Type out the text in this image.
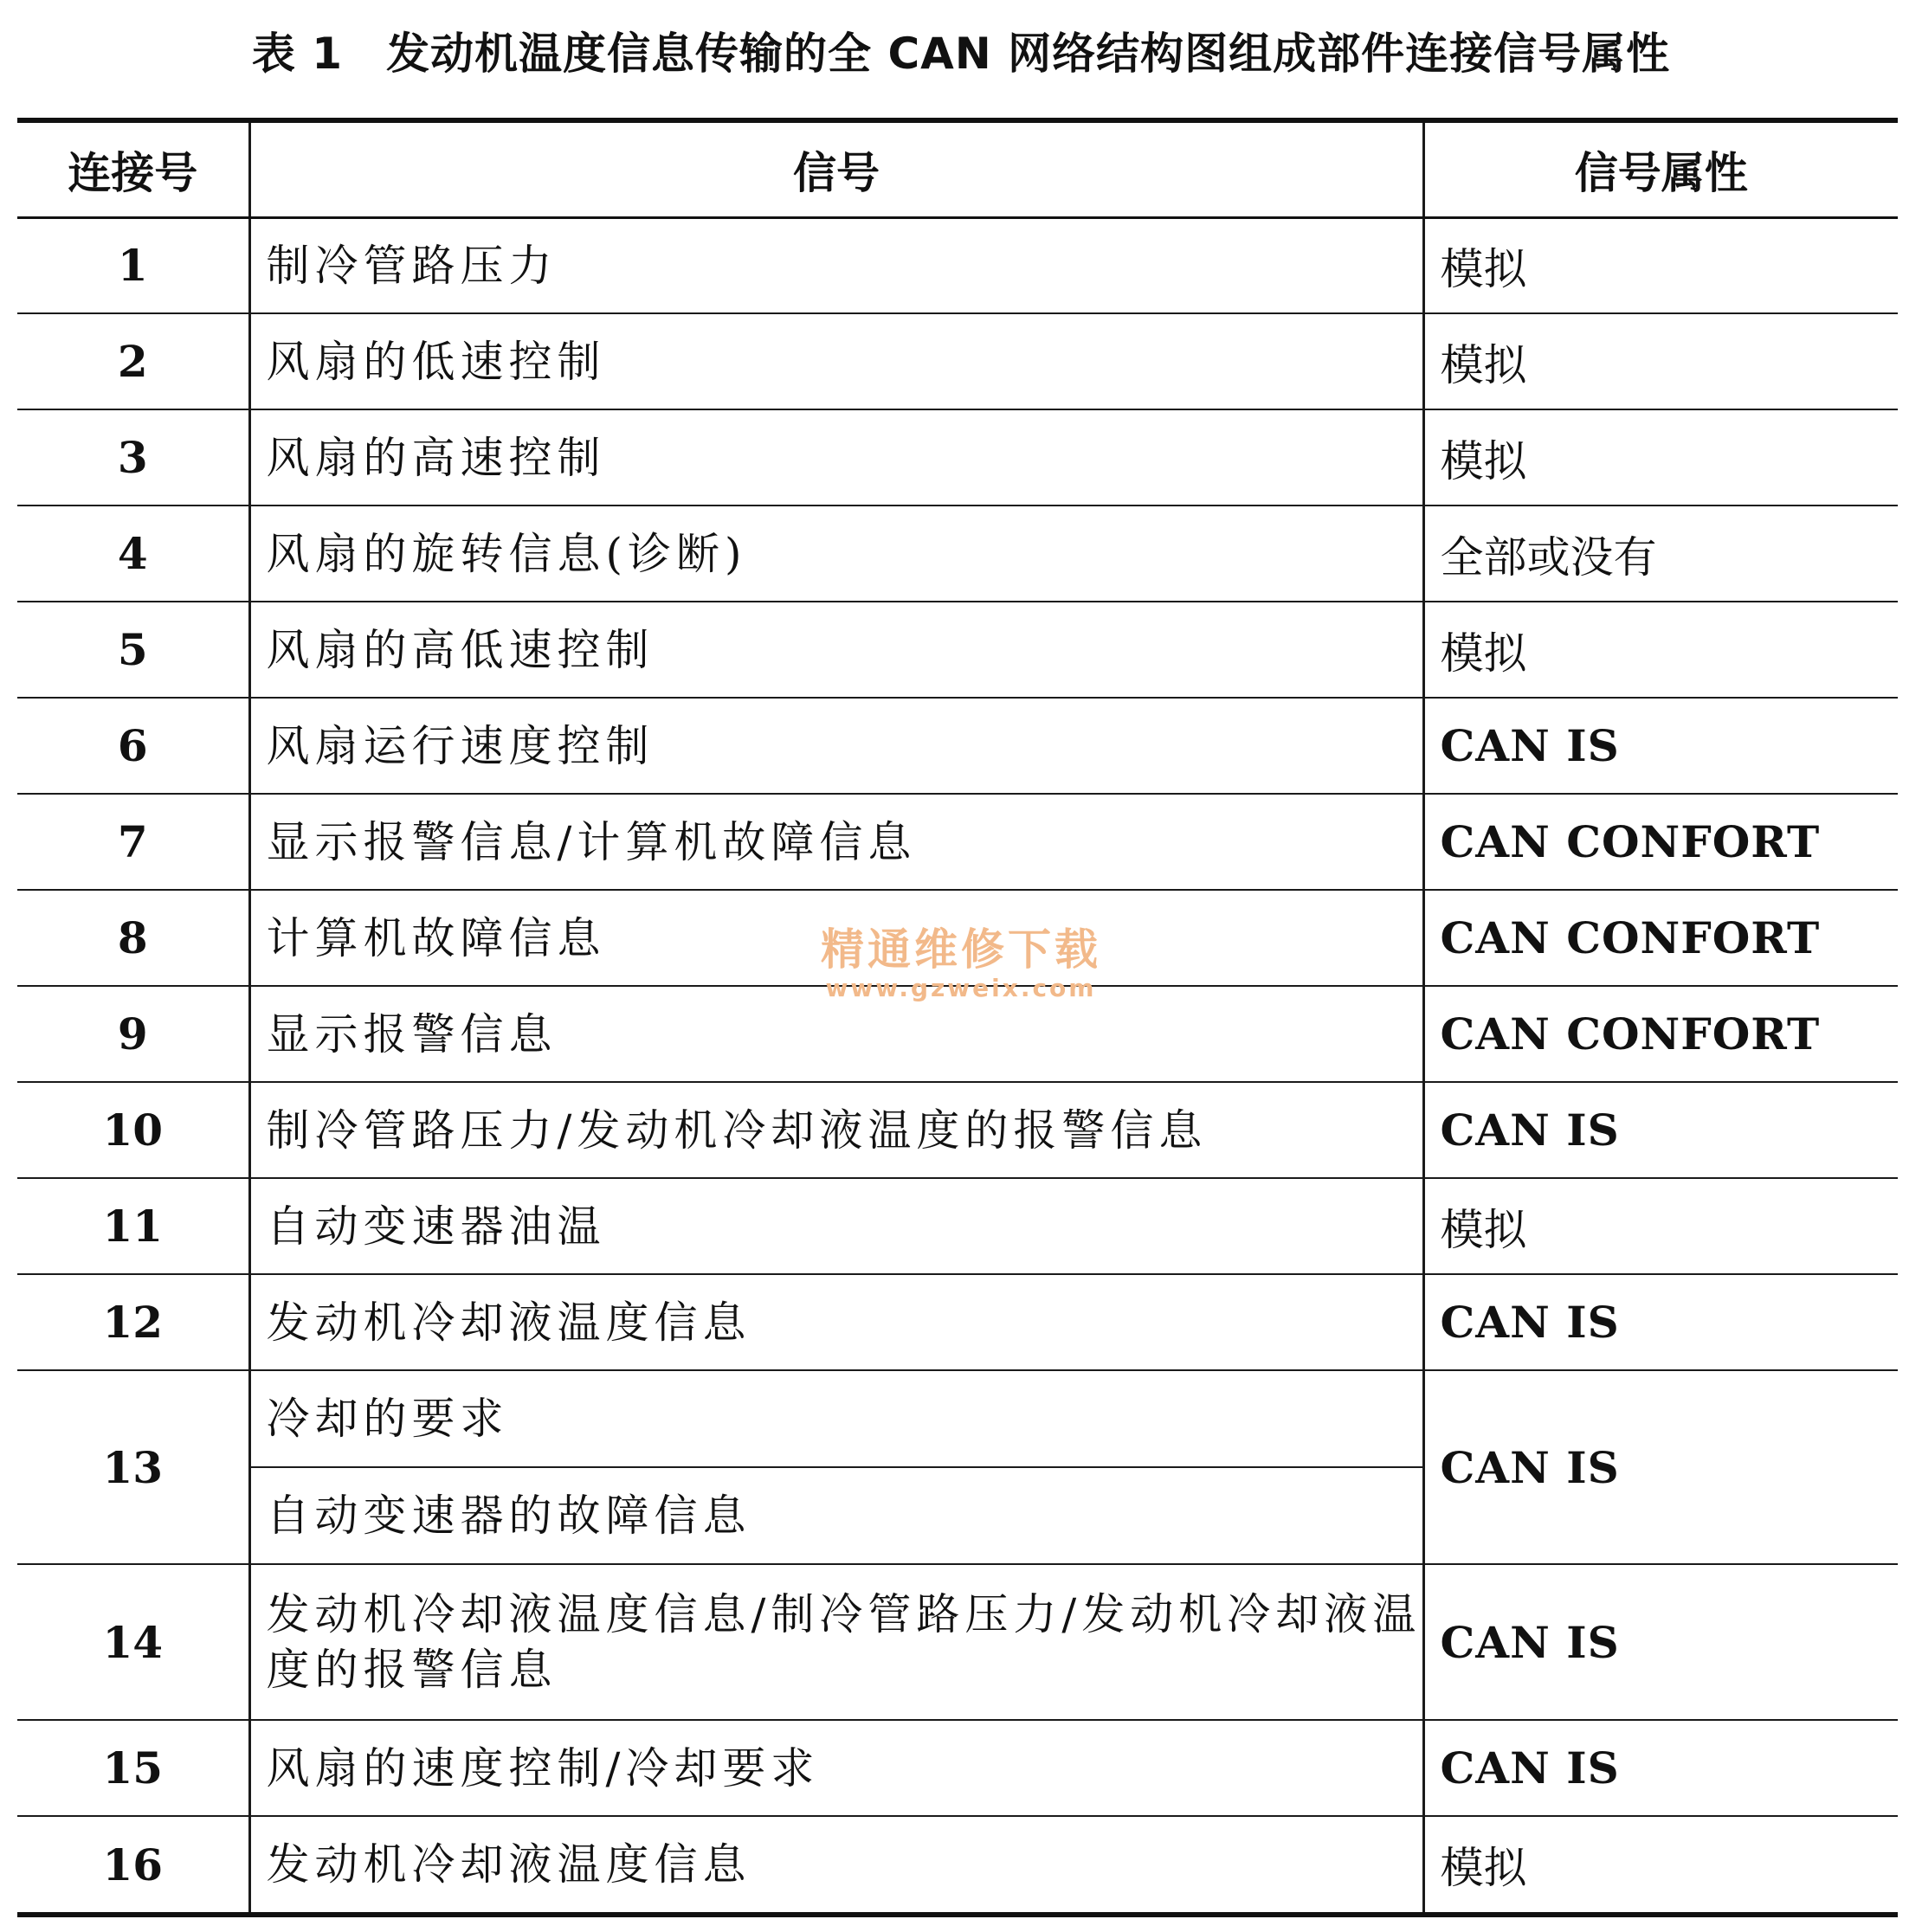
表 1 发动机温度信息传输的全 CAN 网络结构图组成部件连接信号属性
连接号	信号	信号属性
1	制冷管路压力	模拟
2	风扇的低速控制	模拟
3	风扇的高速控制	模拟
4	风扇的旋转信息(诊断)	全部或没有
5	风扇的高低速控制	模拟
6	风扇运行速度控制	CAN IS
7	显示报警信息/计算机故障信息	CAN CONFORT
8	计算机故障信息	CAN CONFORT
9	显示报警信息	CAN CONFORT
10	制冷管路压力/发动机冷却液温度的报警信息	CAN IS
11	自动变速器油温	模拟
12	发动机冷却液温度信息	CAN IS
13	冷却的要求	CAN IS
	自动变速器的故障信息	
14	发动机冷却液温度信息/制冷管路压力/发动机冷却液温度的报警信息	CAN IS
15	风扇的速度控制/冷却要求	CAN IS
16	发动机冷却液温度信息	模拟
精通维修下载
www.gzweix.com
